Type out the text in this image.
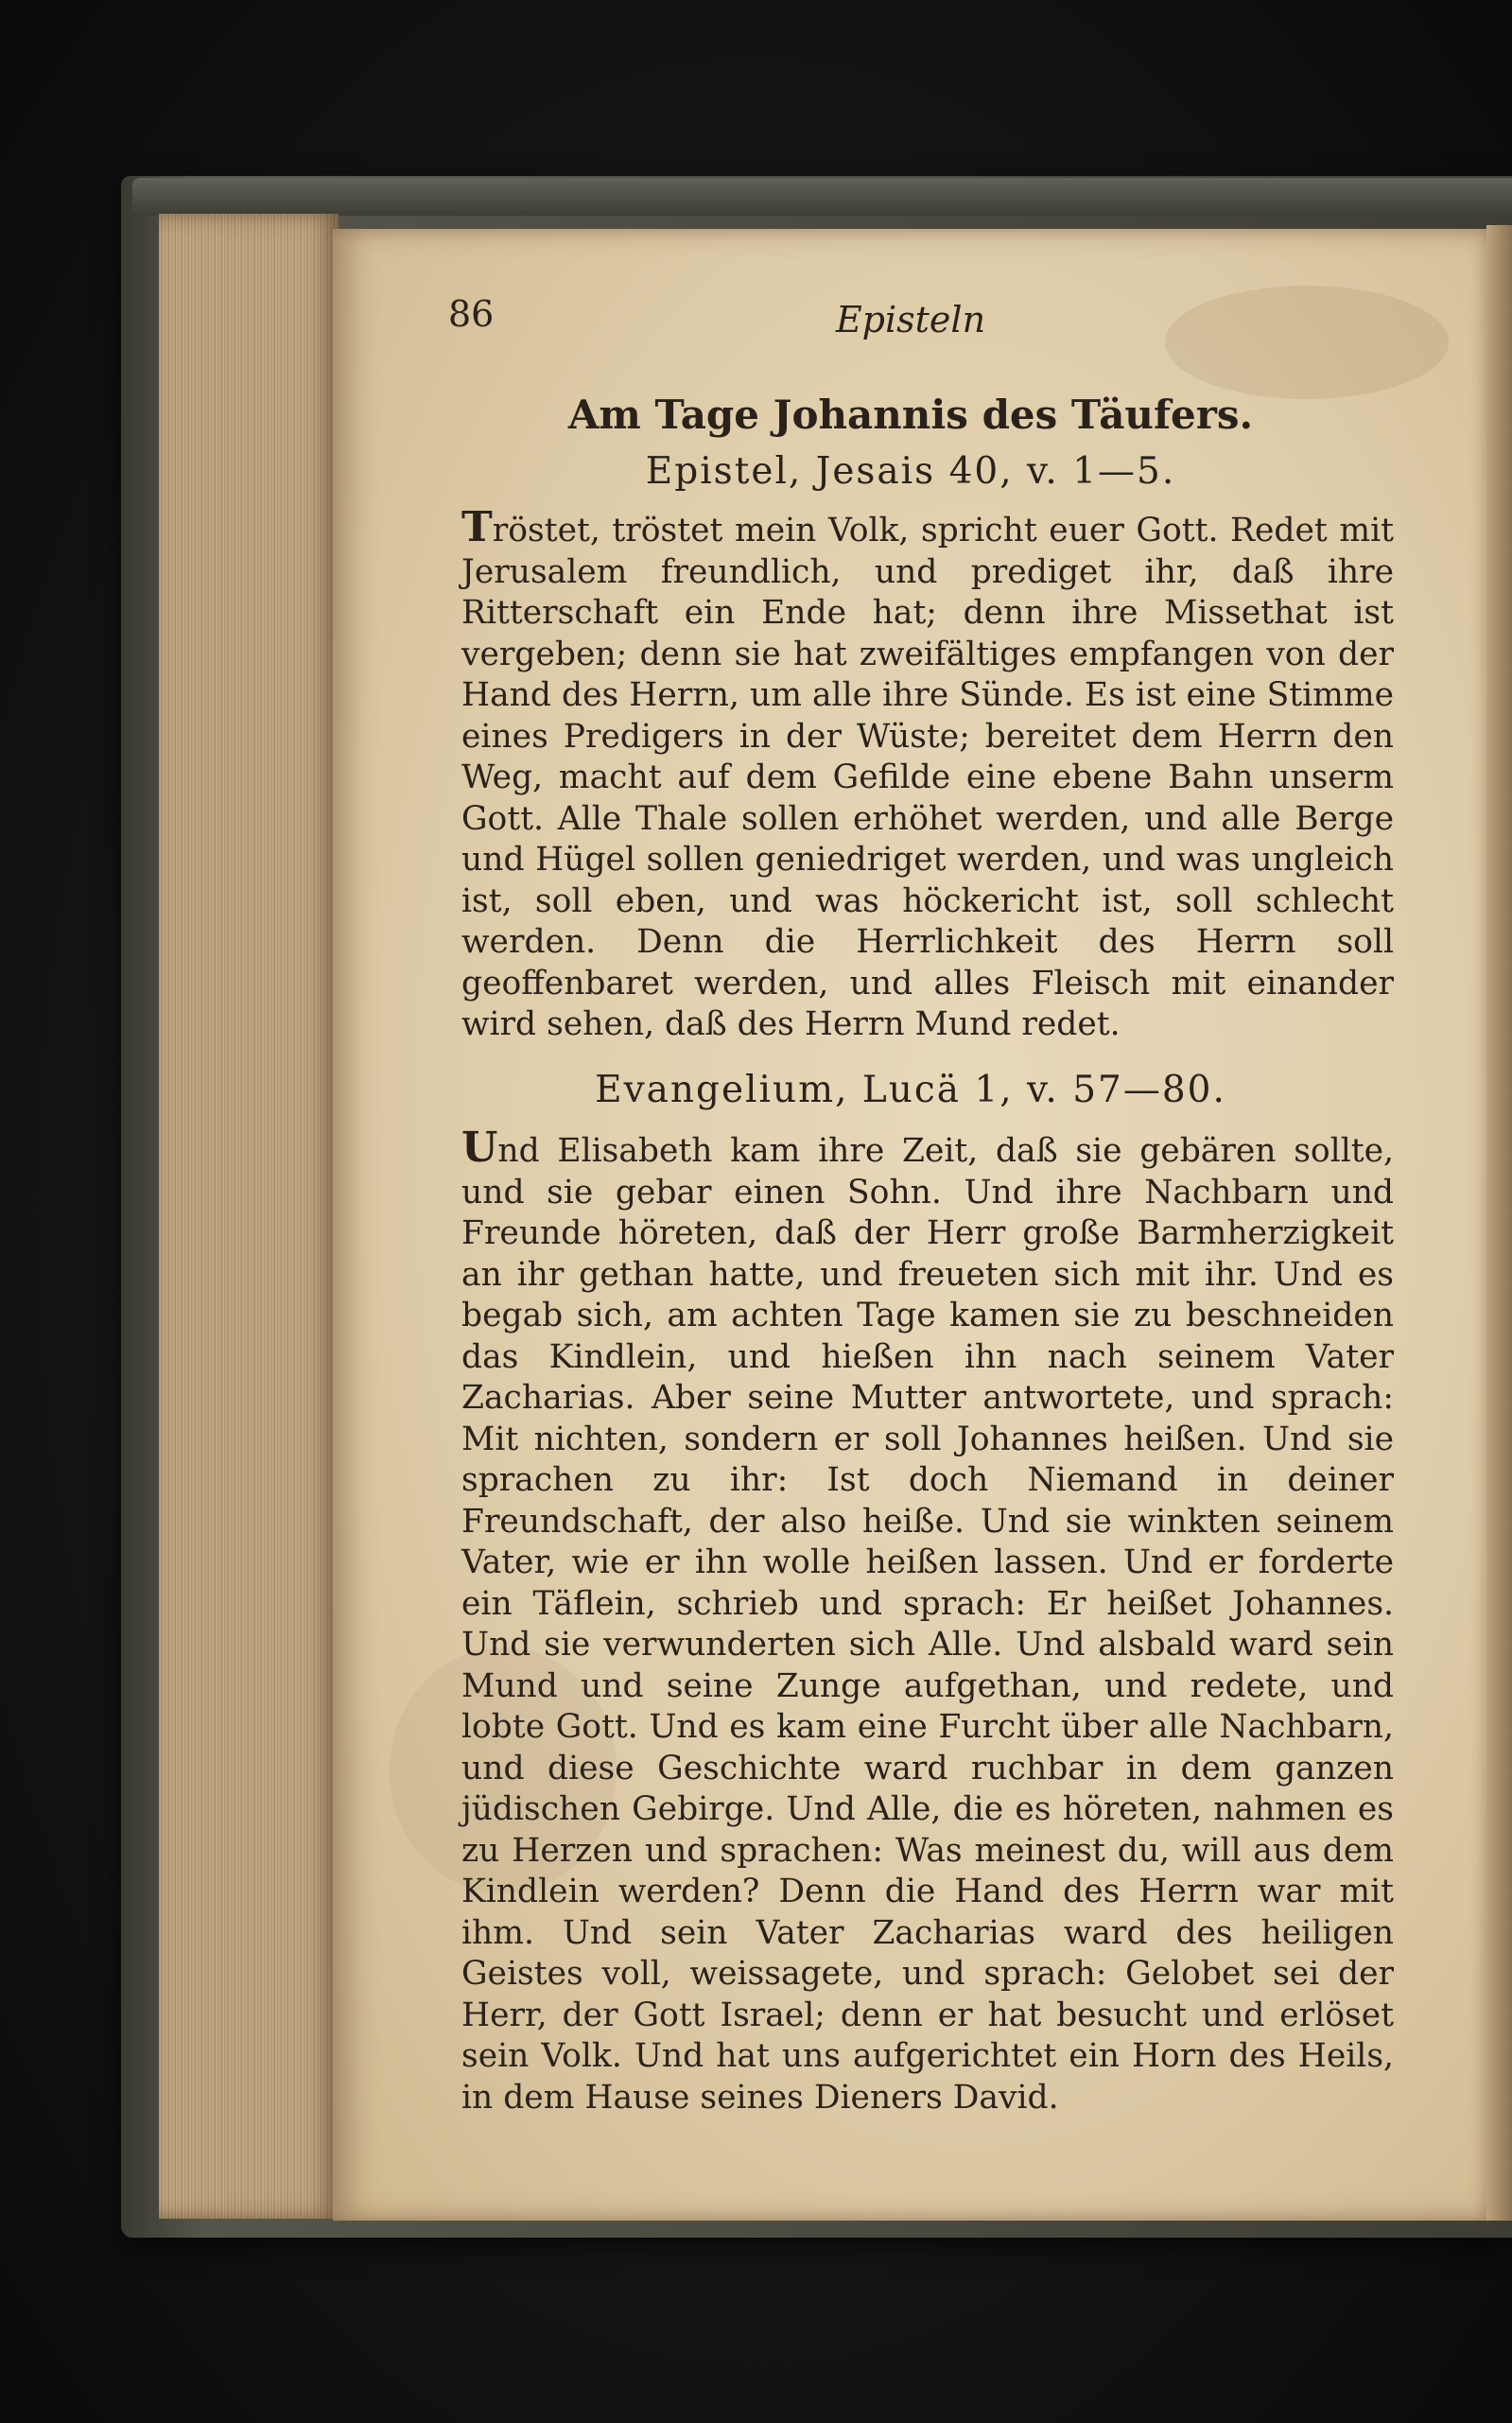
86	Episteln
Am Tage Johannis des Täufers.
Epistel, Jesais 40, v. 1—5.
Tröstet, tröstet mein Volk, spricht euer Gott. Redet mit Jerusalem freundlich, und prediget ihr, daß ihre Ritterschaft ein Ende hat; denn ihre Missethat ist vergeben; denn sie hat zweifältiges empfangen von der Hand des Herrn, um alle ihre Sünde. Es ist eine Stimme eines Predigers in der Wüste; bereitet dem Herrn den Weg, macht auf dem Gefilde eine ebene Bahn unserm Gott. Alle Thale sollen erhöhet werden, und alle Berge und Hügel sollen geniedriget werden, und was ungleich ist, soll eben, und was höckericht ist, soll schlecht werden. Denn die Herrlichkeit des Herrn soll geoffenbaret werden, und alles Fleisch mit einander wird sehen, daß des Herrn Mund redet.
Evangelium, Lucä 1, v. 57—80.
Und Elisabeth kam ihre Zeit, daß sie gebären sollte, und sie gebar einen Sohn. Und ihre Nachbarn und Freunde höreten, daß der Herr große Barmherzigkeit an ihr gethan hatte, und freueten sich mit ihr. Und es begab sich, am achten Tage kamen sie zu beschneiden das Kindlein, und hießen ihn nach seinem Vater Zacharias. Aber seine Mutter antwortete, und sprach: Mit nichten, sondern er soll Johannes heißen. Und sie sprachen zu ihr: Ist doch Niemand in deiner Freundschaft, der also heiße. Und sie winkten seinem Vater, wie er ihn wolle heißen lassen. Und er forderte ein Täflein, schrieb und sprach: Er heißet Johannes. Und sie verwunderten sich Alle. Und alsbald ward sein Mund und seine Zunge aufgethan, und redete, und lobte Gott. Und es kam eine Furcht über alle Nachbarn, und diese Geschichte ward ruchbar in dem ganzen jüdischen Gebirge. Und Alle, die es höreten, nahmen es zu Herzen und sprachen: Was meinest du, will aus dem Kindlein werden? Denn die Hand des Herrn war mit ihm. Und sein Vater Zacharias ward des heiligen Geistes voll, weissagete, und sprach: Gelobet sei der Herr, der Gott Israel; denn er hat besucht und erlöset sein Volk. Und hat uns aufgerichtet ein Horn des Heils, in dem Hause seines Dieners David.
